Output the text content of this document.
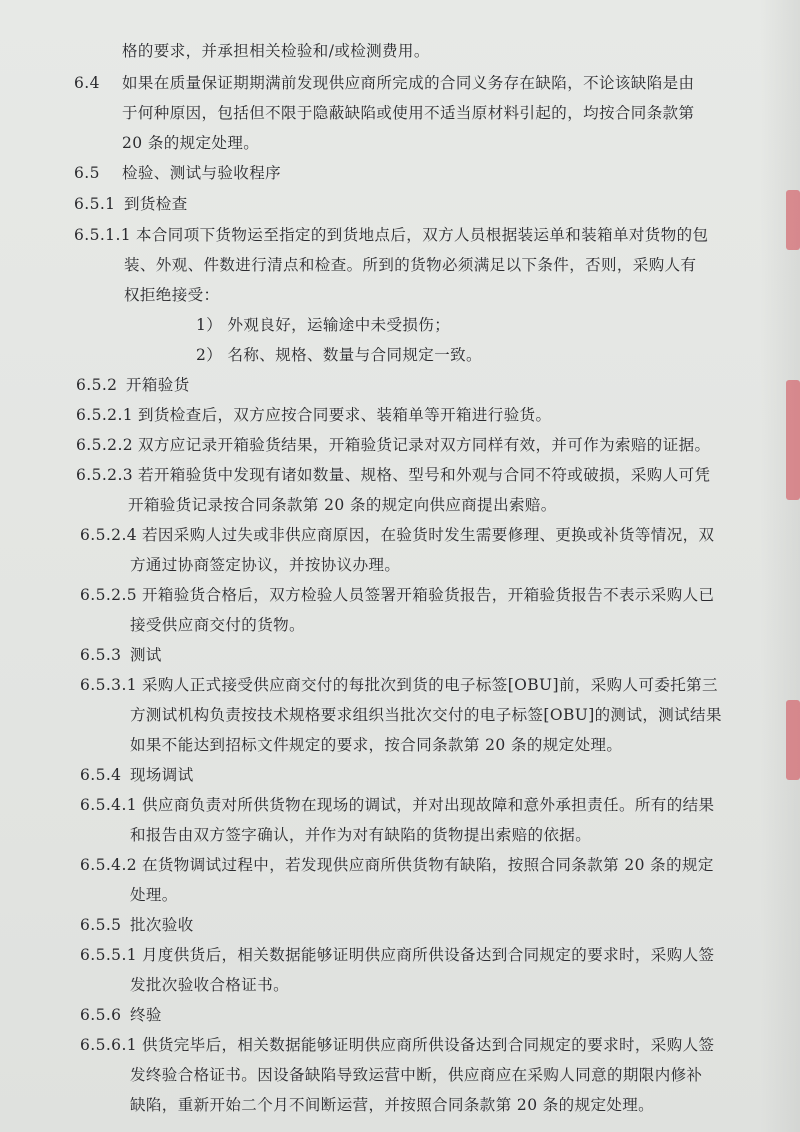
格的要求，并承担相关检验和/或检测费用。

6.4 如果在质量保证期期满前发现供应商所完成的合同义务存在缺陷，不论该缺陷是由

于何种原因，包括但不限于隐蔽缺陷或使用不适当原材料引起的，均按合同条款第

20 条的规定处理。

6.5 检验、测试与验收程序

6.5.1 到货检查

6.5.1.1 本合同项下货物运至指定的到货地点后，双方人员根据装运单和装箱单对货物的包

装、外观、件数进行清点和检查。所到的货物必须满足以下条件，否则，采购人有

权拒绝接受：

1） 外观良好，运输途中未受损伤；

2） 名称、规格、数量与合同规定一致。

6.5.2 开箱验货

6.5.2.1 到货检查后，双方应按合同要求、装箱单等开箱进行验货。

6.5.2.2 双方应记录开箱验货结果，开箱验货记录对双方同样有效，并可作为索赔的证据。

6.5.2.3 若开箱验货中发现有诸如数量、规格、型号和外观与合同不符或破损，采购人可凭

开箱验货记录按合同条款第 20 条的规定向供应商提出索赔。

6.5.2.4 若因采购人过失或非供应商原因，在验货时发生需要修理、更换或补货等情况，双

方通过协商签定协议，并按协议办理。

6.5.2.5 开箱验货合格后，双方检验人员签署开箱验货报告，开箱验货报告不表示采购人已

接受供应商交付的货物。

6.5.3 测试

6.5.3.1 采购人正式接受供应商交付的每批次到货的电子标签[OBU]前，采购人可委托第三

方测试机构负责按技术规格要求组织当批次交付的电子标签[OBU]的测试，测试结果

如果不能达到招标文件规定的要求，按合同条款第 20 条的规定处理。

6.5.4 现场调试

6.5.4.1 供应商负责对所供货物在现场的调试，并对出现故障和意外承担责任。所有的结果

和报告由双方签字确认，并作为对有缺陷的货物提出索赔的依据。

6.5.4.2 在货物调试过程中，若发现供应商所供货物有缺陷，按照合同条款第 20 条的规定

处理。

6.5.5 批次验收

6.5.5.1 月度供货后，相关数据能够证明供应商所供设备达到合同规定的要求时，采购人签

发批次验收合格证书。

6.5.6 终验

6.5.6.1 供货完毕后，相关数据能够证明供应商所供设备达到合同规定的要求时，采购人签

发终验合格证书。因设备缺陷导致运营中断，供应商应在采购人同意的期限内修补

缺陷，重新开始二个月不间断运营，并按照合同条款第 20 条的规定处理。
